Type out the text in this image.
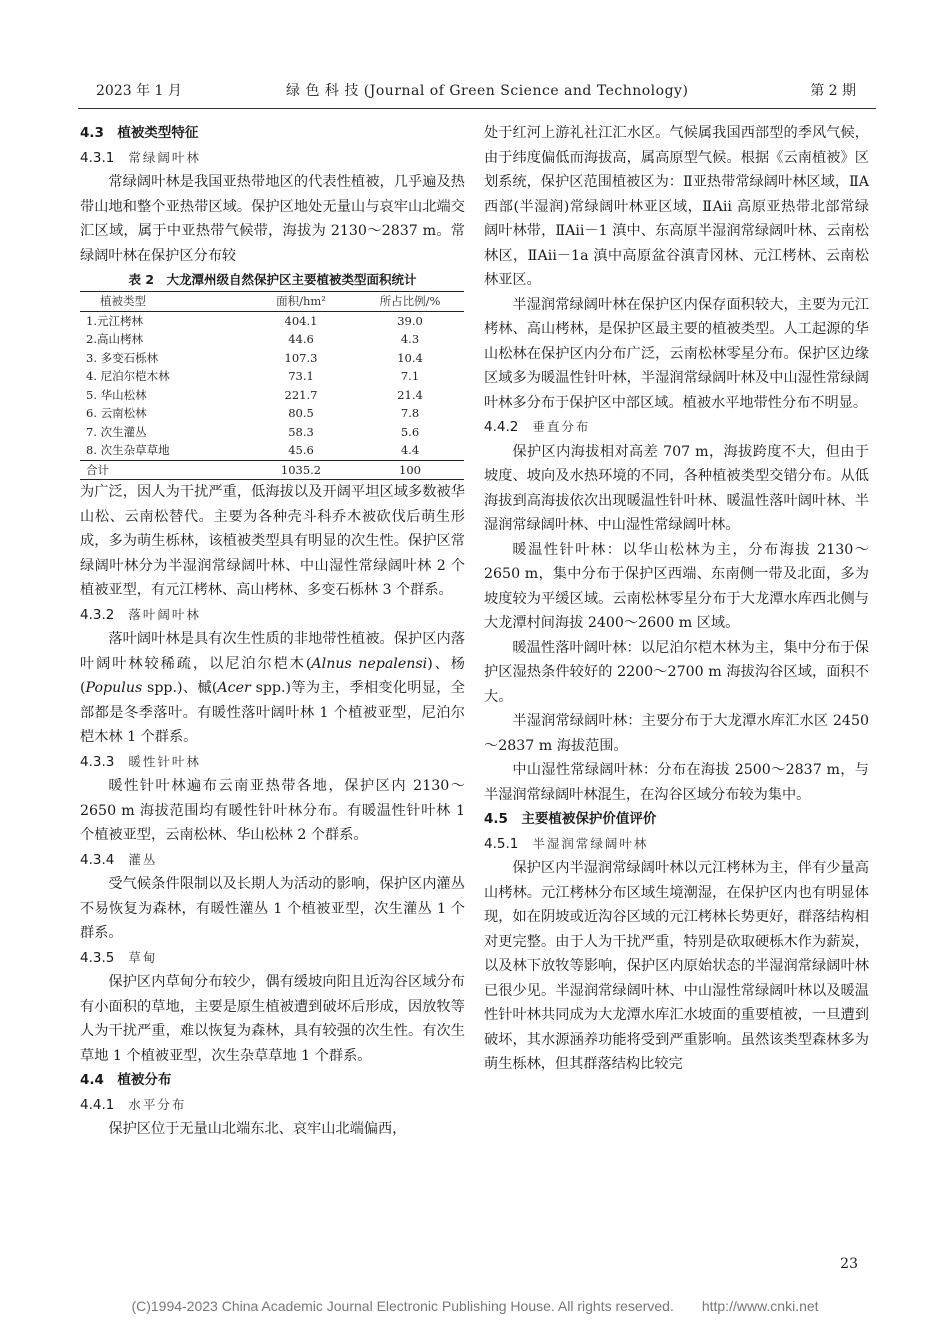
2023 年 1 月	绿 色 科 技 (Journal of Green Science and Technology)	第 2 期

4.3　植被类型特征

4.3.1 常绿阔叶林

常绿阔叶林是我国亚热带地区的代表性植被，几乎遍及热带山地和整个亚热带区域。保护区地处无量山与哀牢山北端交汇区域，属于中亚热带气候带，海拔为 2130～2837 m。常绿阔叶林在保护区分布较

表 2　大龙潭州级自然保护区主要植被类型面积统计
植被类型	面积/hm²	所占比例/%
1.元江栲林	404.1	39.0
2.高山栲林	44.6	4.3
3. 多变石栎林	107.3	10.4
4. 尼泊尔桤木林	73.1	7.1
5. 华山松林	221.7	21.4
6. 云南松林	80.5	7.8
7. 次生灌丛	58.3	5.6
8. 次生杂草草地	45.6	4.4
合计	1035.2	100

为广泛，因人为干扰严重，低海拔以及开阔平坦区域多数被华山松、云南松替代。主要为各种壳斗科乔木被砍伐后萌生形成，多为萌生栎林，该植被类型具有明显的次生性。保护区常绿阔叶林分为半湿润常绿阔叶林、中山湿性常绿阔叶林 2 个植被亚型，有元江栲林、高山栲林、多变石栎林 3 个群系。

4.3.2 落叶阔叶林

落叶阔叶林是具有次生性质的非地带性植被。保护区内落叶阔叶林较稀疏，以尼泊尔桤木(Alnus nepalensi)、杨(Populus spp.)、槭(Acer spp.)等为主，季相变化明显，全部都是冬季落叶。有暖性落叶阔叶林 1 个植被亚型，尼泊尔桤木林 1 个群系。

4.3.3 暖性针叶林

暖性针叶林遍布云南亚热带各地，保护区内 2130～2650 m 海拔范围均有暖性针叶林分布。有暖温性针叶林 1 个植被亚型，云南松林、华山松林 2 个群系。

4.3.4 灌丛

受气候条件限制以及长期人为活动的影响，保护区内灌丛不易恢复为森林，有暖性灌丛 1 个植被亚型，次生灌丛 1 个群系。

4.3.5 草甸

保护区内草甸分布较少，偶有缓坡向阳且近沟谷区域分布有小面积的草地，主要是原生植被遭到破坏后形成，因放牧等人为干扰严重，难以恢复为森林，具有较强的次生性。有次生草地 1 个植被亚型，次生杂草草地 1 个群系。

4.4　植被分布

4.4.1 水平分布

保护区位于无量山北端东北、哀牢山北端偏西，

处于红河上游礼社江汇水区。气候属我国西部型的季风气候，由于纬度偏低而海拔高，属高原型气候。根据《云南植被》区划系统，保护区范围植被区为：Ⅱ亚热带常绿阔叶林区域，ⅡA 西部(半湿润)常绿阔叶林亚区域，ⅡAii 高原亚热带北部常绿阔叶林带，ⅡAii－1 滇中、东高原半湿润常绿阔叶林、云南松林区，ⅡAii－1a 滇中高原盆谷滇青冈林、元江栲林、云南松林亚区。

半湿润常绿阔叶林在保护区内保存面积较大，主要为元江栲林、高山栲林，是保护区最主要的植被类型。人工起源的华山松林在保护区内分布广泛，云南松林零星分布。保护区边缘区域多为暖温性针叶林，半湿润常绿阔叶林及中山湿性常绿阔叶林多分布于保护区中部区域。植被水平地带性分布不明显。

4.4.2 垂直分布

保护区内海拔相对高差 707 m，海拔跨度不大，但由于坡度、坡向及水热环境的不同，各种植被类型交错分布。从低海拔到高海拔依次出现暖温性针叶林、暖温性落叶阔叶林、半湿润常绿阔叶林、中山湿性常绿阔叶林。

暖温性针叶林：以华山松林为主，分布海拔 2130～2650 m，集中分布于保护区西端、东南侧一带及北面，多为坡度较为平缓区域。云南松林零星分布于大龙潭水库西北侧与大龙潭村间海拔 2400～2600 m 区域。

暖温性落叶阔叶林：以尼泊尔桤木林为主，集中分布于保护区湿热条件较好的 2200～2700 m 海拔沟谷区域，面积不大。

半湿润常绿阔叶林：主要分布于大龙潭水库汇水区 2450～2837 m 海拔范围。

中山湿性常绿阔叶林：分布在海拔 2500～2837 m，与半湿润常绿阔叶林混生，在沟谷区域分布较为集中。

4.5　主要植被保护价值评价

4.5.1 半湿润常绿阔叶林

保护区内半湿润常绿阔叶林以元江栲林为主，伴有少量高山栲林。元江栲林分布区域生境潮湿，在保护区内也有明显体现，如在阴坡或近沟谷区域的元江栲林长势更好，群落结构相对更完整。由于人为干扰严重，特别是砍取硬栎木作为薪炭，以及林下放牧等影响，保护区内原始状态的半湿润常绿阔叶林已很少见。半湿润常绿阔叶林、中山湿性常绿阔叶林以及暖温性针叶林共同成为大龙潭水库汇水坡面的重要植被，一旦遭到破坏，其水源涵养功能将受到严重影响。虽然该类型森林多为萌生栎林，但其群落结构比较完

23
(C)1994-2023 China Academic Journal Electronic Publishing House. All rights reserved.　　http://www.cnki.net
